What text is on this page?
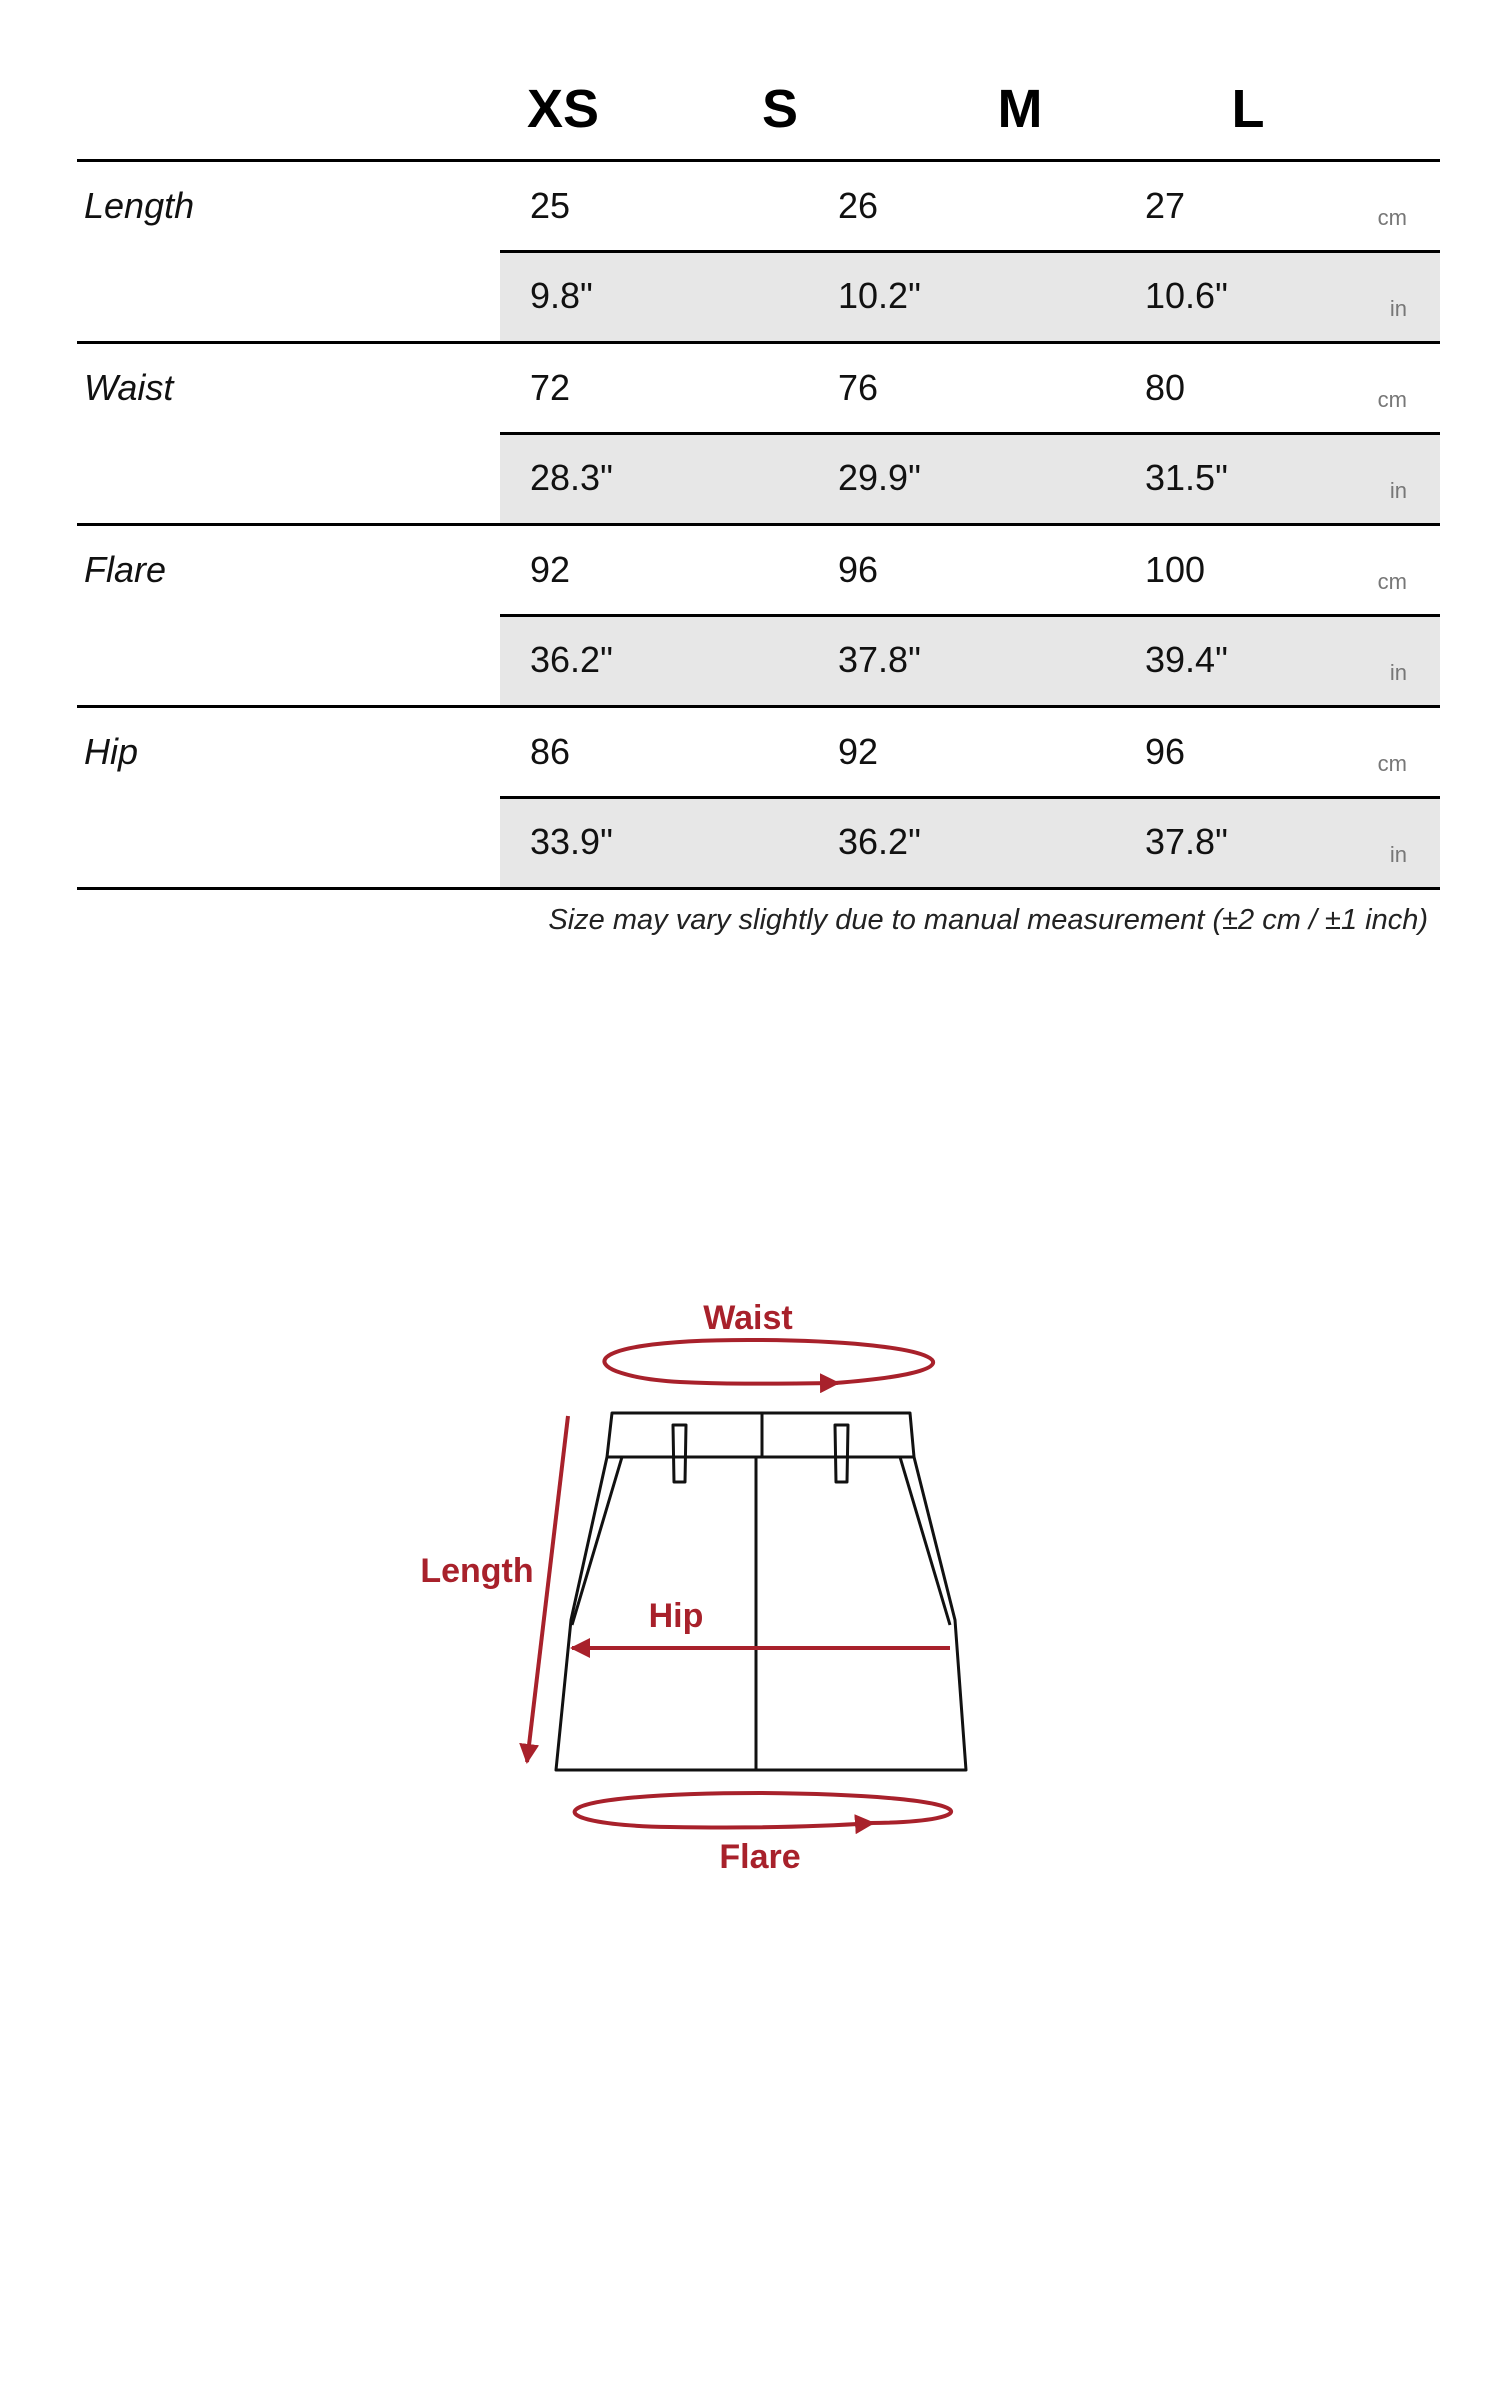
XS	S	M	L
Length	25	26	27	cm
9.8"	10.2"	10.6"	in
Waist	72	76	80	cm
28.3"	29.9"	31.5"	in
Flare	92	96	100	cm
36.2"	37.8"	39.4"	in
Hip	86	92	96	cm
33.9"	36.2"	37.8"	in
Size may vary slightly due to manual measurement (±2 cm / ±1 inch)
Waist
Length
Hip
Flare
